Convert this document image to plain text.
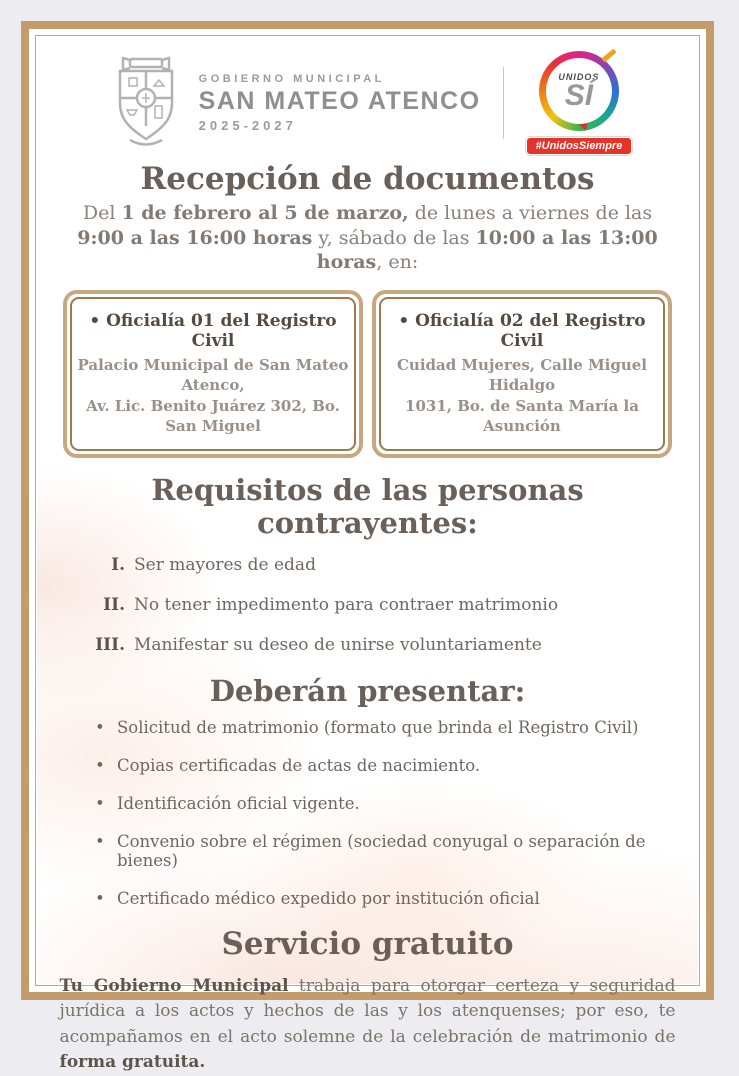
GOBIERNO MUNICIPAL
SAN MATEO ATENCO
2025-2027
UNIDOS
SÍ
#UnidosSiempre
Recepción de documentos

Del 1 de febrero al 5 de marzo, de lunes a viernes de las 9:00 a las 16:00 horas y, sábado de las 10:00 a las 13:00 horas, en:

• Oficialía 01 del Registro Civil
Palacio Municipal de San Mateo Atenco,
Av. Lic. Benito Juárez 302, Bo. San Miguel
• Oficialía 02 del Registro Civil
Cuidad Mujeres, Calle Miguel Hidalgo
1031, Bo. de Santa María la Asunción
Requisitos de las personas contrayentes:
I. Ser mayores de edad
II. No tener impedimento para contraer matrimonio
III. Manifestar su deseo de unirse voluntariamente
Deberán presentar:
• Solicitud de matrimonio (formato que brinda el Registro Civil)
• Copias certificadas de actas de nacimiento.
• Identificación oficial vigente.
• Convenio sobre el régimen (sociedad conyugal o separación de bienes)
• Certificado médico expedido por institución oficial
Servicio gratuito

Tu Gobierno Municipal trabaja para otorgar certeza y seguridad jurídica a los actos y hechos de las y los atenquenses; por eso, te acompañamos en el acto solemne de la celebración de matrimonio de forma gratuita.
